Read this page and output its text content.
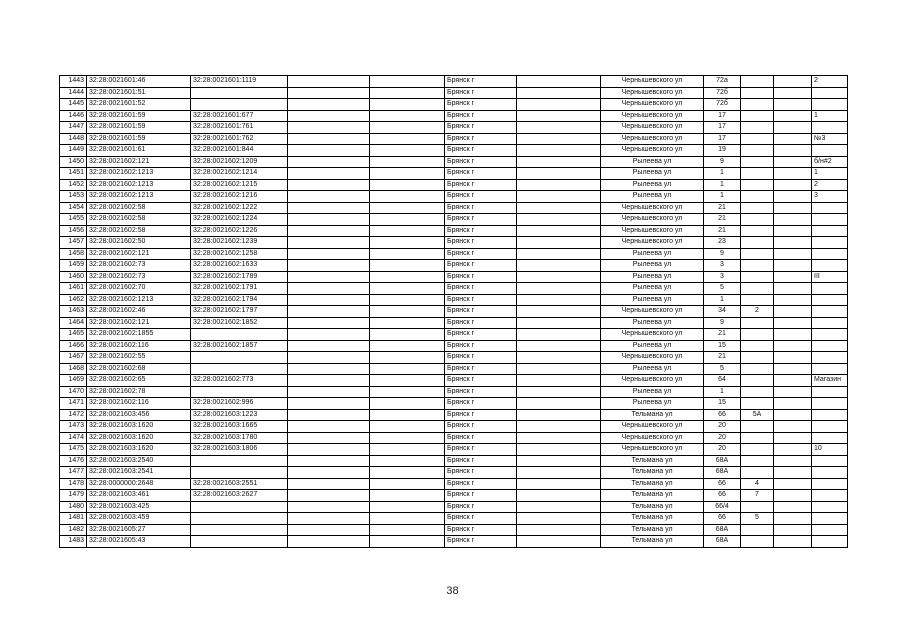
1443	32:28:0021601:46	32:28:0021601:1119			Брянск г		Чернышевского ул	72а			2
1444	32:28:0021601:51				Брянск г		Чернышевского ул	72б			
1445	32:28:0021601:52				Брянск г		Чернышевского ул	72б			
1446	32:28:0021601:59	32:28:0021601:677			Брянск г		Чернышевского ул	17			1
1447	32:28:0021601:59	32:28:0021601:761			Брянск г		Чернышевского ул	17			
1448	32:28:0021601:59	32:28:0021601:762			Брянск г		Чернышевского ул	17			№3
1449	32:28:0021601:61	32:28:0021601:844			Брянск г		Чернышевского ул	19			
1450	32:28:0021602:121	32:28:0021602:1209			Брянск г		Рылеева ул	9			б/н#2
1451	32:28:0021602:1213	32:28:0021602:1214			Брянск г		Рылеева ул	1			1
1452	32:28:0021602:1213	32:28:0021602:1215			Брянск г		Рылеева ул	1			2
1453	32:28:0021602:1213	32:28:0021602:1216			Брянск г		Рылеева ул	1			3
1454	32:28:0021602:58	32:28:0021602:1222			Брянск г		Чернышевского ул	21			
1455	32:28:0021602:58	32:28:0021602:1224			Брянск г		Чернышевского ул	21			
1456	32:28:0021602:58	32:28:0021602:1226			Брянск г		Чернышевского ул	21			
1457	32:28:0021602:50	32:28:0021602:1239			Брянск г		Чернышевского ул	23			
1458	32:28:0021602:121	32:28:0021602:1258			Брянск г		Рылеева ул	9			
1459	32:28:0021602:73	32:28:0021602:1633			Брянск г		Рылеева ул	3			
1460	32:28:0021602:73	32:28:0021602:1789			Брянск г		Рылеева ул	3			III
1461	32:28:0021602:70	32:28:0021602:1791			Брянск г		Рылеева ул	5			
1462	32:28:0021602:1213	32:28:0021602:1794			Брянск г		Рылеева ул	1			
1463	32:28:0021602:46	32:28:0021602:1797			Брянск г		Чернышевского ул	34	2		
1464	32:28:0021602:121	32:28:0021602:1852			Брянск г		Рылеева ул	9			
1465	32:28:0021602:1855				Брянск г		Чернышевского ул	21			
1466	32:28:0021602:116	32:28:0021602:1857			Брянск г		Рылеева ул	15			
1467	32:28:0021602:55				Брянск г		Чернышевского ул	21			
1468	32:28:0021602:68				Брянск г		Рылеева ул	5			
1469	32:28:0021602:65	32:28:0021602:773			Брянск г		Чернышевского ул	64			Магазин
1470	32:28:0021602:78				Брянск г		Рылеева ул	1			
1471	32:28:0021602:116	32:28:0021602:996			Брянск г		Рылеева ул	15			
1472	32:28:0021603:456	32:28:0021603:1223			Брянск г		Тельмана ул	66	5А		
1473	32:28:0021603:1620	32:28:0021603:1665			Брянск г		Чернышевского ул	20			
1474	32:28:0021603:1620	32:28:0021603:1780			Брянск г		Чернышевского ул	20			
1475	32:28:0021603:1620	32:28:0021603:1806			Брянск г		Чернышевского ул	20			10
1476	32:28:0021603:2540				Брянск г		Тельмана ул	68А			
1477	32:28:0021603:2541				Брянск г		Тельмана ул	68А			
1478	32:28:0000000:2648	32:28:0021603:2551			Брянск г		Тельмана ул	66	4		
1479	32:28:0021603:461	32:28:0021603:2627			Брянск г		Тельмана ул	66	7		
1480	32:28:0021603:425				Брянск г		Тельмана ул	66/4			
1481	32:28:0021603:459				Брянск г		Тельмана ул	66	5		
1482	32:28:0021605:27				Брянск г		Тельмана ул	68А			
1483	32:28:0021605:43				Брянск г		Тельмана ул	68А			
38
